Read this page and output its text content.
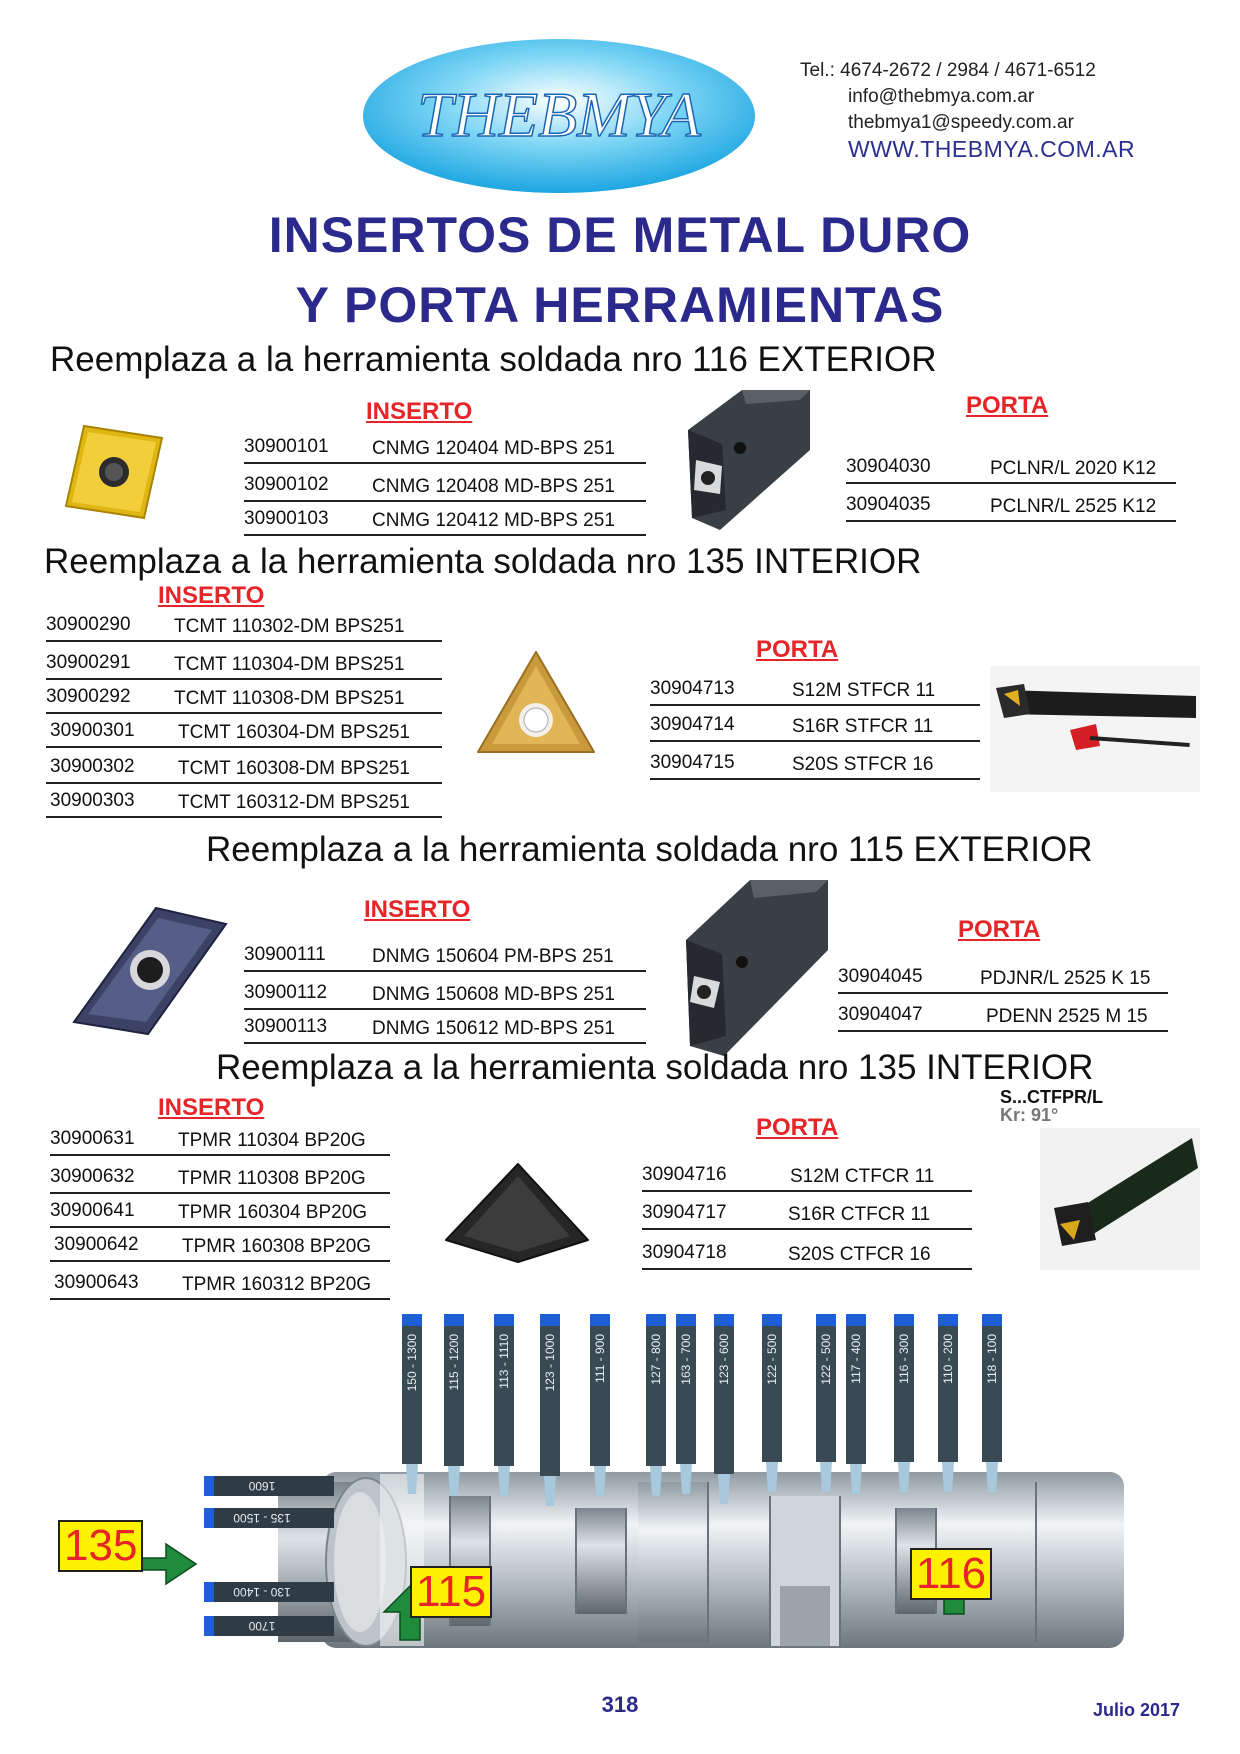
THEBMYA
Tel.: 4674-2672 / 2984 / 4671-6512
info@thebmya.com.ar
thebmya1@speedy.com.ar
WWW.THEBMYA.COM.AR
INSERTOS DE METAL DURO
Y PORTA HERRAMIENTAS
Reemplaza a la herramienta soldada nro 116 EXTERIOR
INSERTO	PORTA
30900101 CNMG 120404 MD-BPS 251
30900102 CNMG 120408 MD-BPS 251
30900103 CNMG 120412 MD-BPS 251
30904030	PCLNR/L 2020 K12
30904035	PCLNR/L 2525 K12
Reemplaza a la herramienta soldada nro 135 INTERIOR
INSERTO
PORTA
30900290 TCMT 110302-DM BPS251
30900291 TCMT 110304-DM BPS251
30900292 TCMT 110308-DM BPS251
30900301 TCMT 160304-DM BPS251
30900302 TCMT 160308-DM BPS251
30900303 TCMT 160312-DM BPS251
30904713	S12M STFCR 11
30904714	S16R STFCR 11
30904715	S20S STFCR 16
Reemplaza a la herramienta soldada nro 115 EXTERIOR
INSERTO
PORTA
30900111 DNMG 150604 PM-BPS 251
30900112 DNMG 150608 MD-BPS 251
30900113 DNMG 150612 MD-BPS 251
30904045	PDJNR/L 2525 K 15
30904047	PDENN 2525 M 15
Reemplaza a la herramienta soldada nro 135 INTERIOR
S...CTFPR/L
Kr: 91°
INSERTO
PORTA
30900631 TPMR 110304 BP20G
30900632 TPMR 110308 BP20G
30900641 TPMR 160304 BP20G
30900642 TPMR 160308 BP20G
30900643 TPMR 160312 BP20G
30904716	S12M CTFCR 11
30904717	S16R CTFCR 11
30904718	S20S CTFCR 16
150 - 1300 115 - 1200	113 - 1110	123 - 1000	111 - 900	127 - 800 163 - 700 123 - 600	122 - 500	122 - 500 117 - 400	116 - 300	110 - 200	118 - 100
1600
135 - 1500
130 - 1400
1700
135
115	116
318	Julio 2017
